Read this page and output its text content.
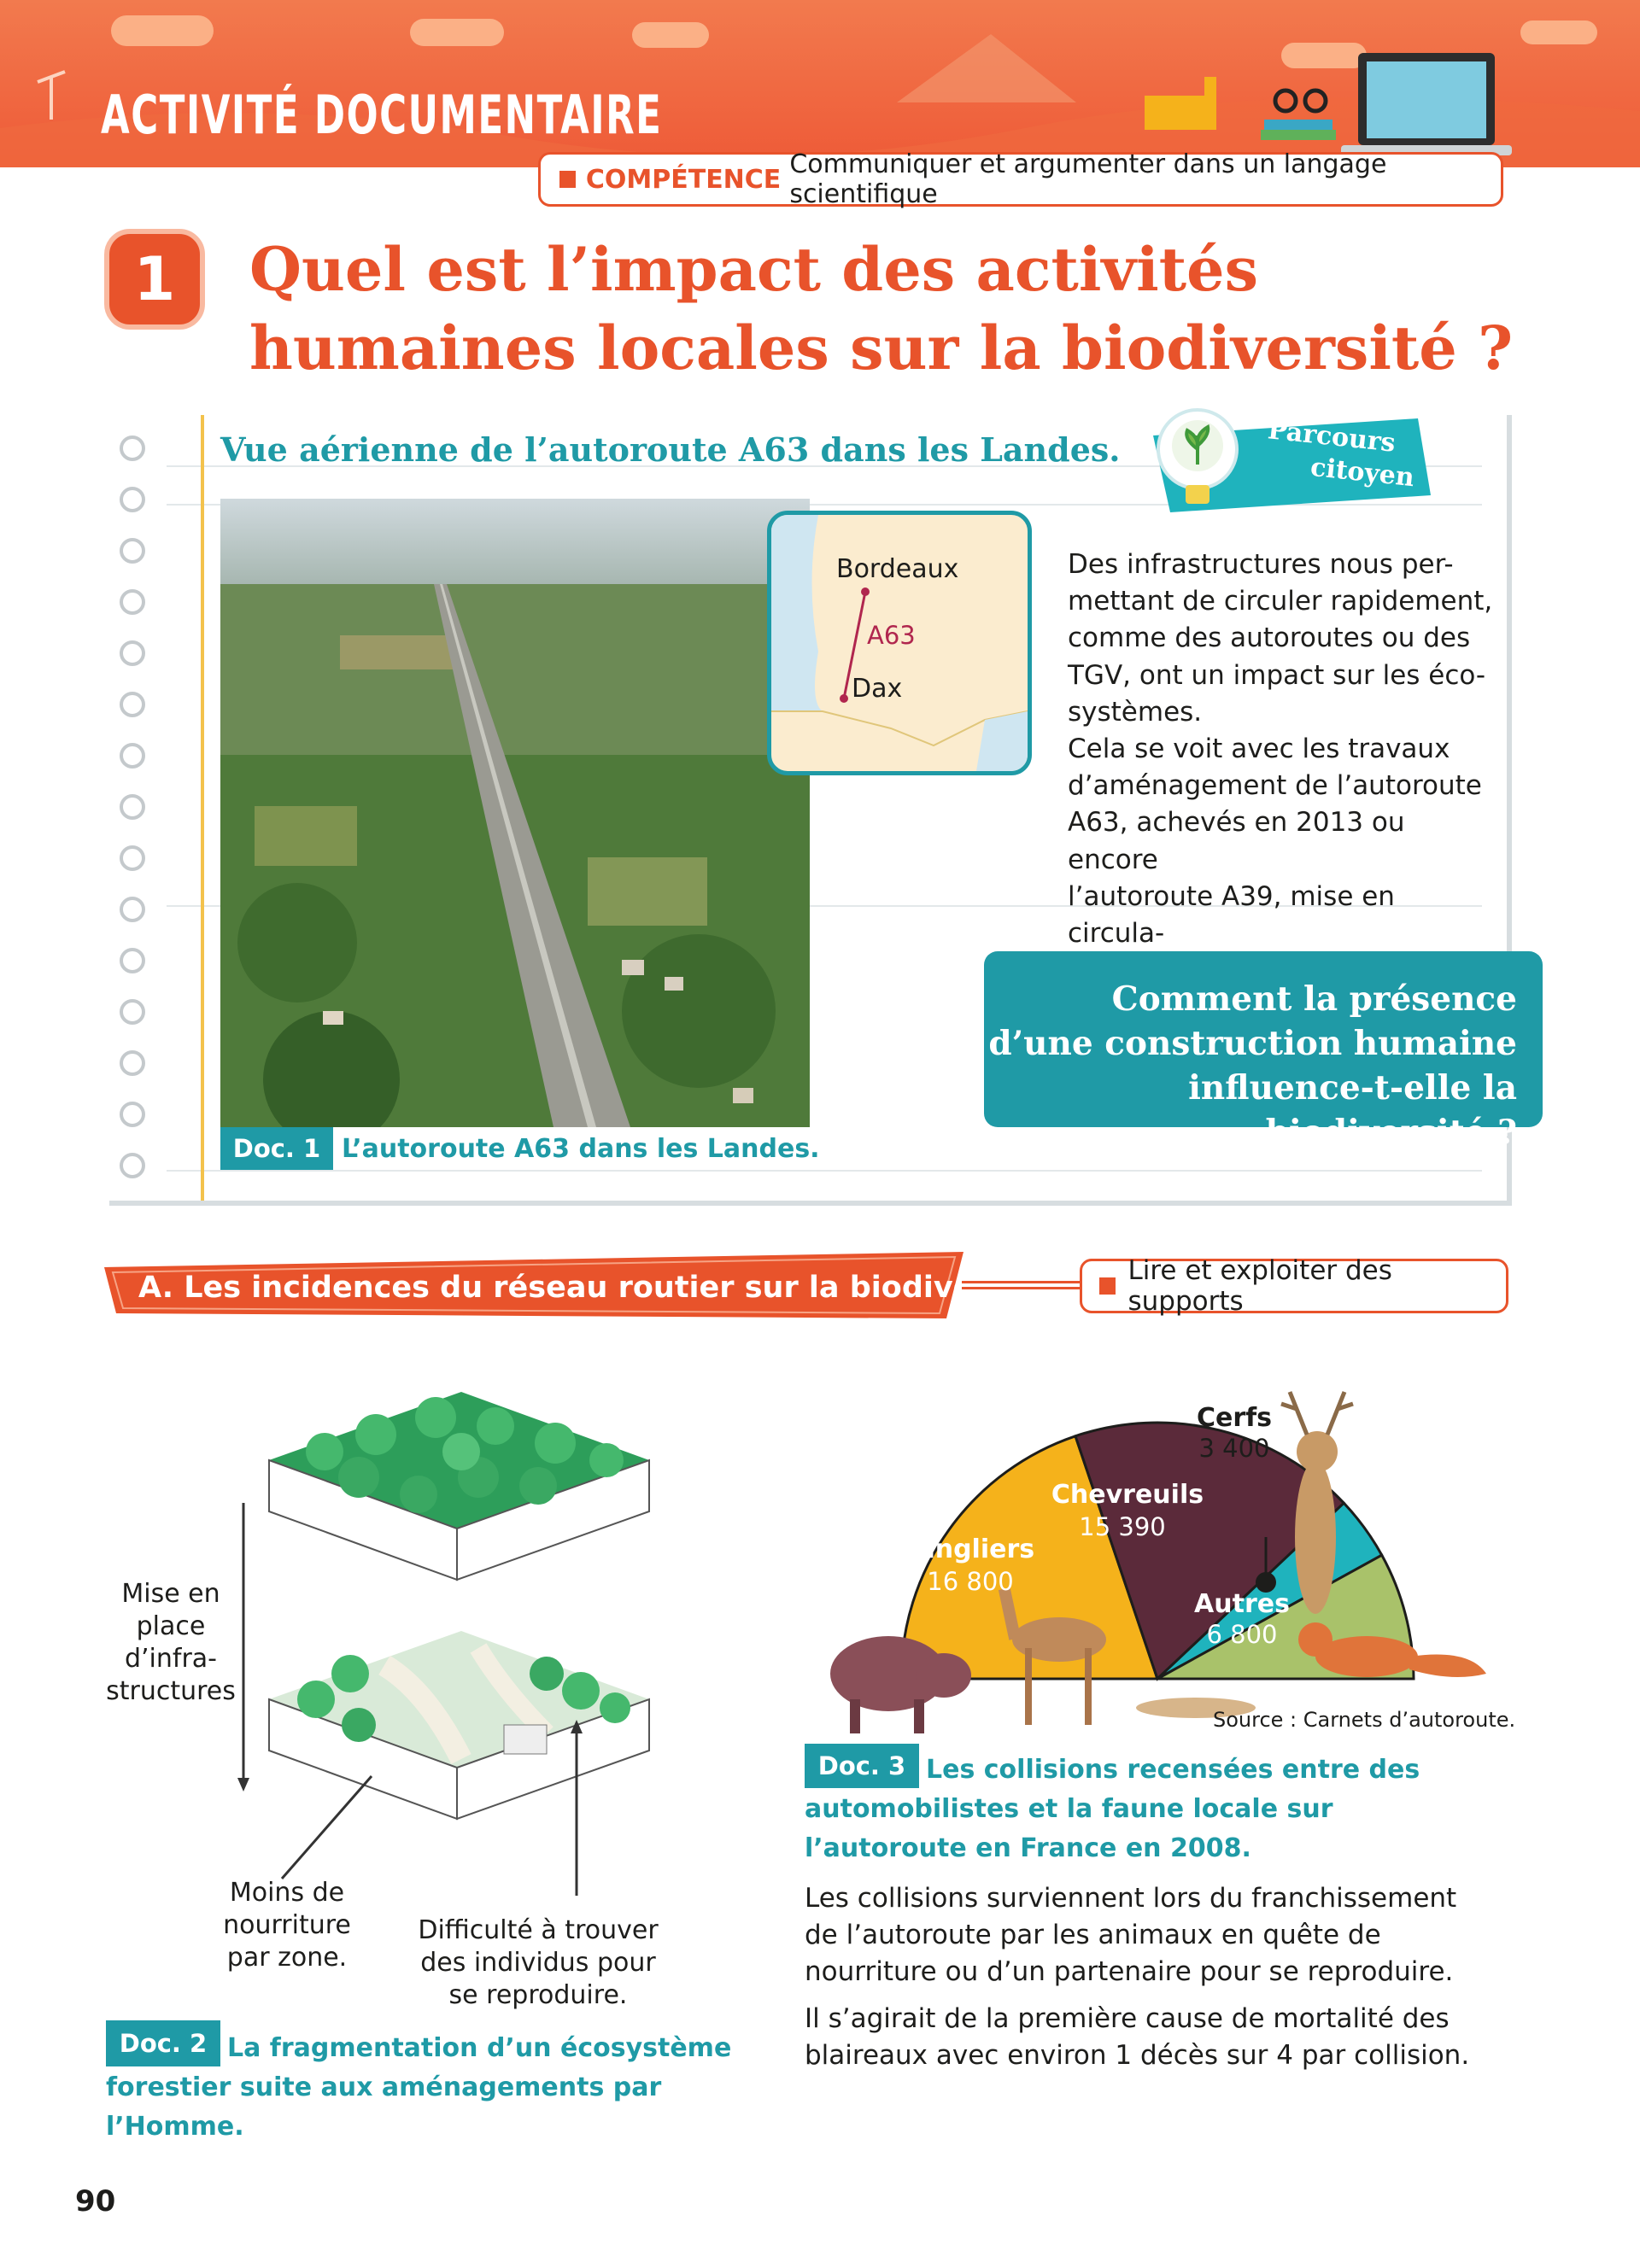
ACTIVITÉ DOCUMENTAIRE
COMPÉTENCE Communiquer et argumenter dans un langage scientifique
1	Quel est l’impact des activités
humaines locales sur la biodiversité ?
Vue aérienne de l’autoroute A63 dans les Landes.
Bordeaux
A63
Dax
Doc. 1 L’autoroute A63 dans les Landes.
Parcours
citoyen
Des infrastructures nous per-
mettant de circuler rapidement,
comme des autoroutes ou des
TGV, ont un impact sur les éco-
systèmes.
Cela se voit avec les travaux
d’aménagement de l’autoroute
A63, achevés en 2013 ou encore
l’autoroute A39, mise en circula-
Comment la présence
d’une construction humaine
influence-t-elle la biodiversité ?
A. Les incidences du réseau routier sur la biodiversité	Lire et exploiter des supports
Mise en
place
d’infra-
structures
Moins de
nourriture
par zone.
Difficulté à trouver
des individus pour
se reproduire.
Doc. 2 La fragmentation d’un écosystème forestier suite aux aménagements par l’Homme.
Cerfs
3 400
Chevreuils
15 390
Sangliers
16 800
Autres
6 800
Source : Carnets d’autoroute.
Doc. 3 Les collisions recensées entre des automobilistes et la faune locale sur l’autoroute en France en 2008.

Les collisions surviennent lors du franchissement de l’autoroute par les animaux en quête de nourriture ou d’un partenaire pour se reproduire.

Il s’agirait de la première cause de mortalité des blaireaux avec environ 1 décès sur 4 par collision.

90
